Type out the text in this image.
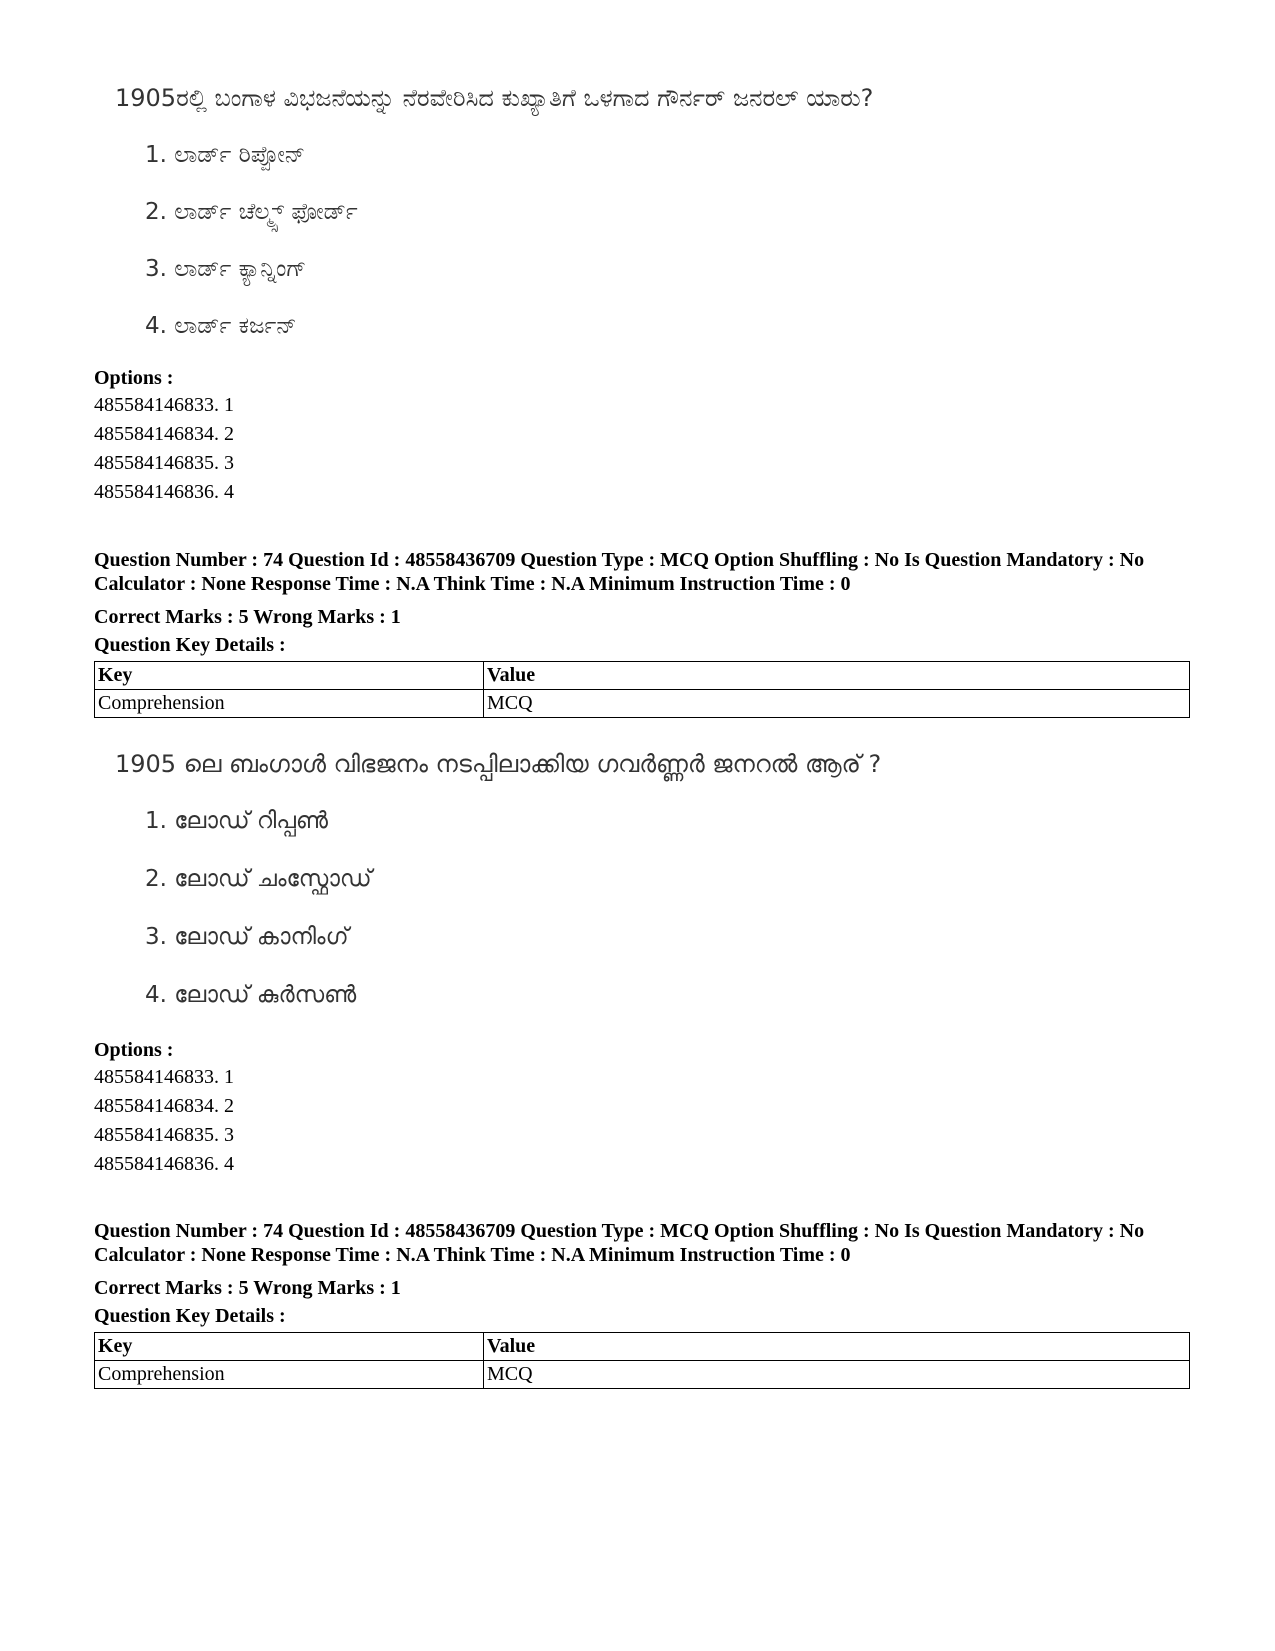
1905ರಲ್ಲಿ ಬಂಗಾಳ ವಿಭಜನೆಯನ್ನು ನೆರವೇರಿಸಿದ ಕುಖ್ಯಾತಿಗೆ ಒಳಗಾದ ಗೌರ್ನರ್ ಜನರಲ್ ಯಾರು?
1. ಲಾರ್ಡ್ ರಿಪ್ಪೋನ್
2. ಲಾರ್ಡ್ ಚೆಲ್ಮ್ಸ್ ಫೋರ್ಡ್
3. ಲಾರ್ಡ್ ಕ್ಯಾನ್ನಿಂಗ್
4. ಲಾರ್ಡ್ ಕರ್ಜನ್
Options :
485584146833. 1
485584146834. 2
485584146835. 3
485584146836. 4
Question Number : 74 Question Id : 48558436709 Question Type : MCQ Option Shuffling : No Is Question Mandatory : No Calculator : None Response Time : N.A Think Time : N.A Minimum Instruction Time : 0
Correct Marks : 5 Wrong Marks : 1
Question Key Details :
Key	Value
Comprehension	MCQ
1905 ലെ ബംഗാൾ വിഭജനം നടപ്പിലാക്കിയ ഗവർണ്ണർ ജനറൽ ആര് ?
1. ലോഡ് റിപ്പൺ
2. ലോഡ് ചംസ്ഫോഡ്
3. ലോഡ് കാനിംഗ്
4. ലോഡ് കുർസൺ
Options :
485584146833. 1
485584146834. 2
485584146835. 3
485584146836. 4
Question Number : 74 Question Id : 48558436709 Question Type : MCQ Option Shuffling : No Is Question Mandatory : No Calculator : None Response Time : N.A Think Time : N.A Minimum Instruction Time : 0
Correct Marks : 5 Wrong Marks : 1
Question Key Details :
Key	Value
Comprehension	MCQ
